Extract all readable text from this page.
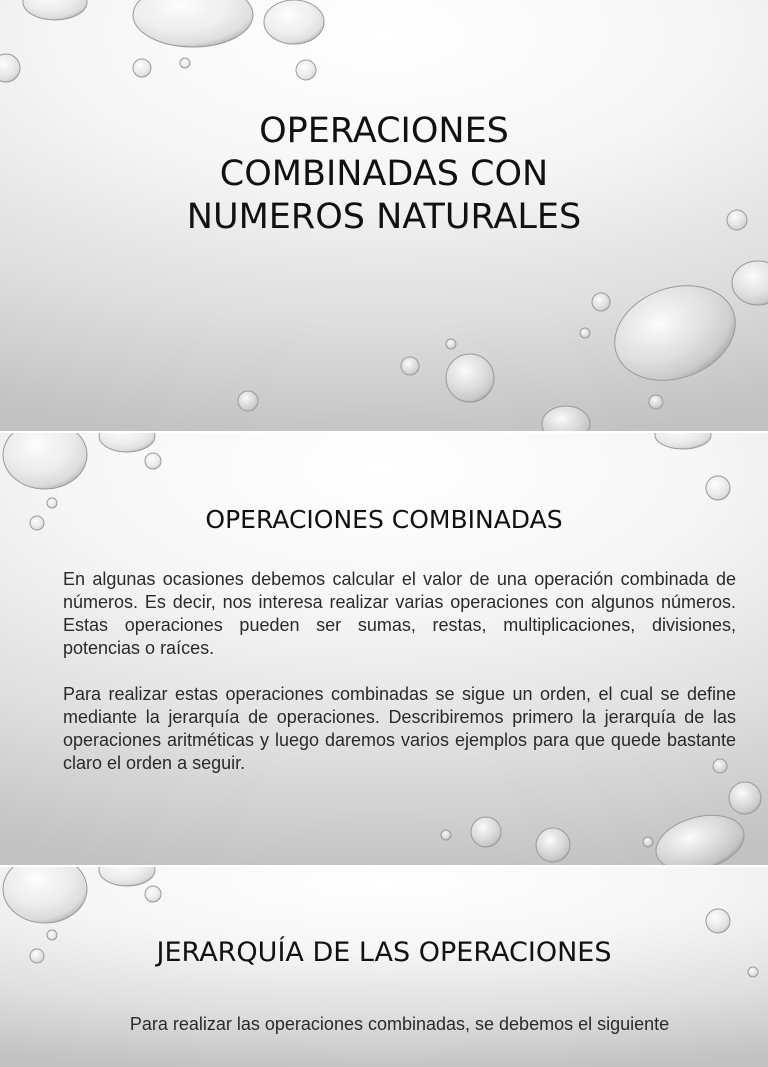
OPERACIONES
COMBINADAS CON
NUMEROS NATURALES
OPERACIONES COMBINADAS

En algunas ocasiones debemos calcular el valor de una operación combinada de números. Es decir, nos interesa realizar varias operaciones con algunos números. Estas operaciones pueden ser sumas, restas, multiplicaciones, divisiones, potencias o raíces.

Para realizar estas operaciones combinadas se sigue un orden, el cual se define mediante la jerarquía de operaciones. Describiremos primero la jerarquía de las operaciones aritméticas y luego daremos varios ejemplos para que quede bastante claro el orden a seguir.

JERARQUÍA DE LAS OPERACIONES

Para realizar las operaciones combinadas, se debemos el siguiente
